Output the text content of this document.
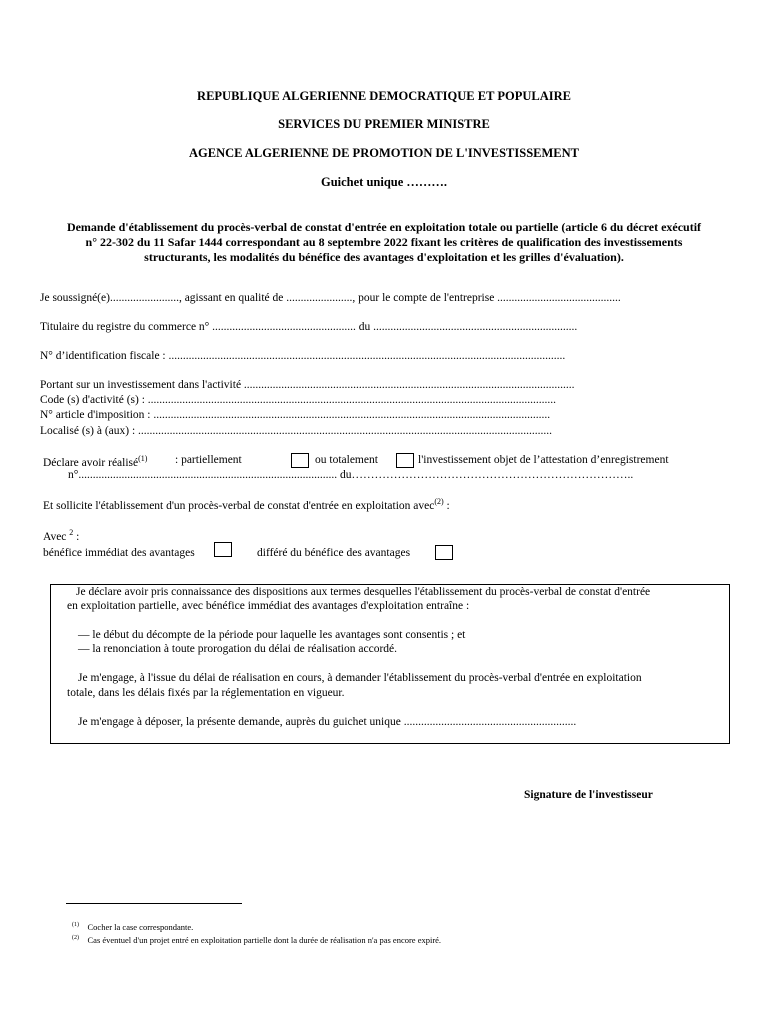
REPUBLIQUE ALGERIENNE DEMOCRATIQUE ET POPULAIRE
SERVICES DU PREMIER MINISTRE
AGENCE ALGERIENNE DE PROMOTION DE L'INVESTISSEMENT
Guichet unique ……….
Demande d'établissement du procès-verbal de constat d'entrée en exploitation totale ou partielle (article 6 du décret exécutif n° 22-302 du 11 Safar 1444 correspondant au 8 septembre 2022 fixant les critères de qualification des investissements structurants, les modalités du bénéfice des avantages d'exploitation et les grilles d'évaluation).
Je soussigné(e)........................, agissant en qualité de ......................., pour le compte de l'entreprise ...........................................
Titulaire du registre du commerce n° .................................................. du .......................................................................
N° d’identification fiscale : ..........................................................................................................................................
Portant sur un investissement dans l'activité ...................................................................................................................
Code (s) d'activité (s) : ..............................................................................................................................................
N° article d'imposition : ..........................................................................................................................................
Localisé (s) à (aux) : ................................................................................................................................................
Déclare avoir réalisé$^{(1)}$ : partiellement	ou totalement	l'investissement objet de l’attestation d’enregistrement
n°.......................................................................................... du………………………………………………………………..
Et sollicite l'établissement d'un procès-verbal de constat d'entrée en exploitation avec$^{(2)}$ :
Avec $^2$ :
bénéfice immédiat des avantages	différé du bénéfice des avantages
Je déclare avoir pris connaissance des dispositions aux termes desquelles l'établissement du procès-verbal de constat d'entrée
en exploitation partielle, avec bénéfice immédiat des avantages d'exploitation entraîne :
— le début du décompte de la période pour laquelle les avantages sont consentis ; et
— la renonciation à toute prorogation du délai de réalisation accordé.
Je m'engage, à l'issue du délai de réalisation en cours, à demander l'établissement du procès-verbal d'entrée en exploitation
totale, dans les délais fixés par la réglementation en vigueur.
Je m'engage à déposer, la présente demande, auprès du guichet unique ............................................................
Signature de l'investisseur
$^{(1)}$ Cocher la case correspondante.
$^{(2)}$ Cas éventuel d'un projet entré en exploitation partielle dont la durée de réalisation n'a pas encore expiré.
